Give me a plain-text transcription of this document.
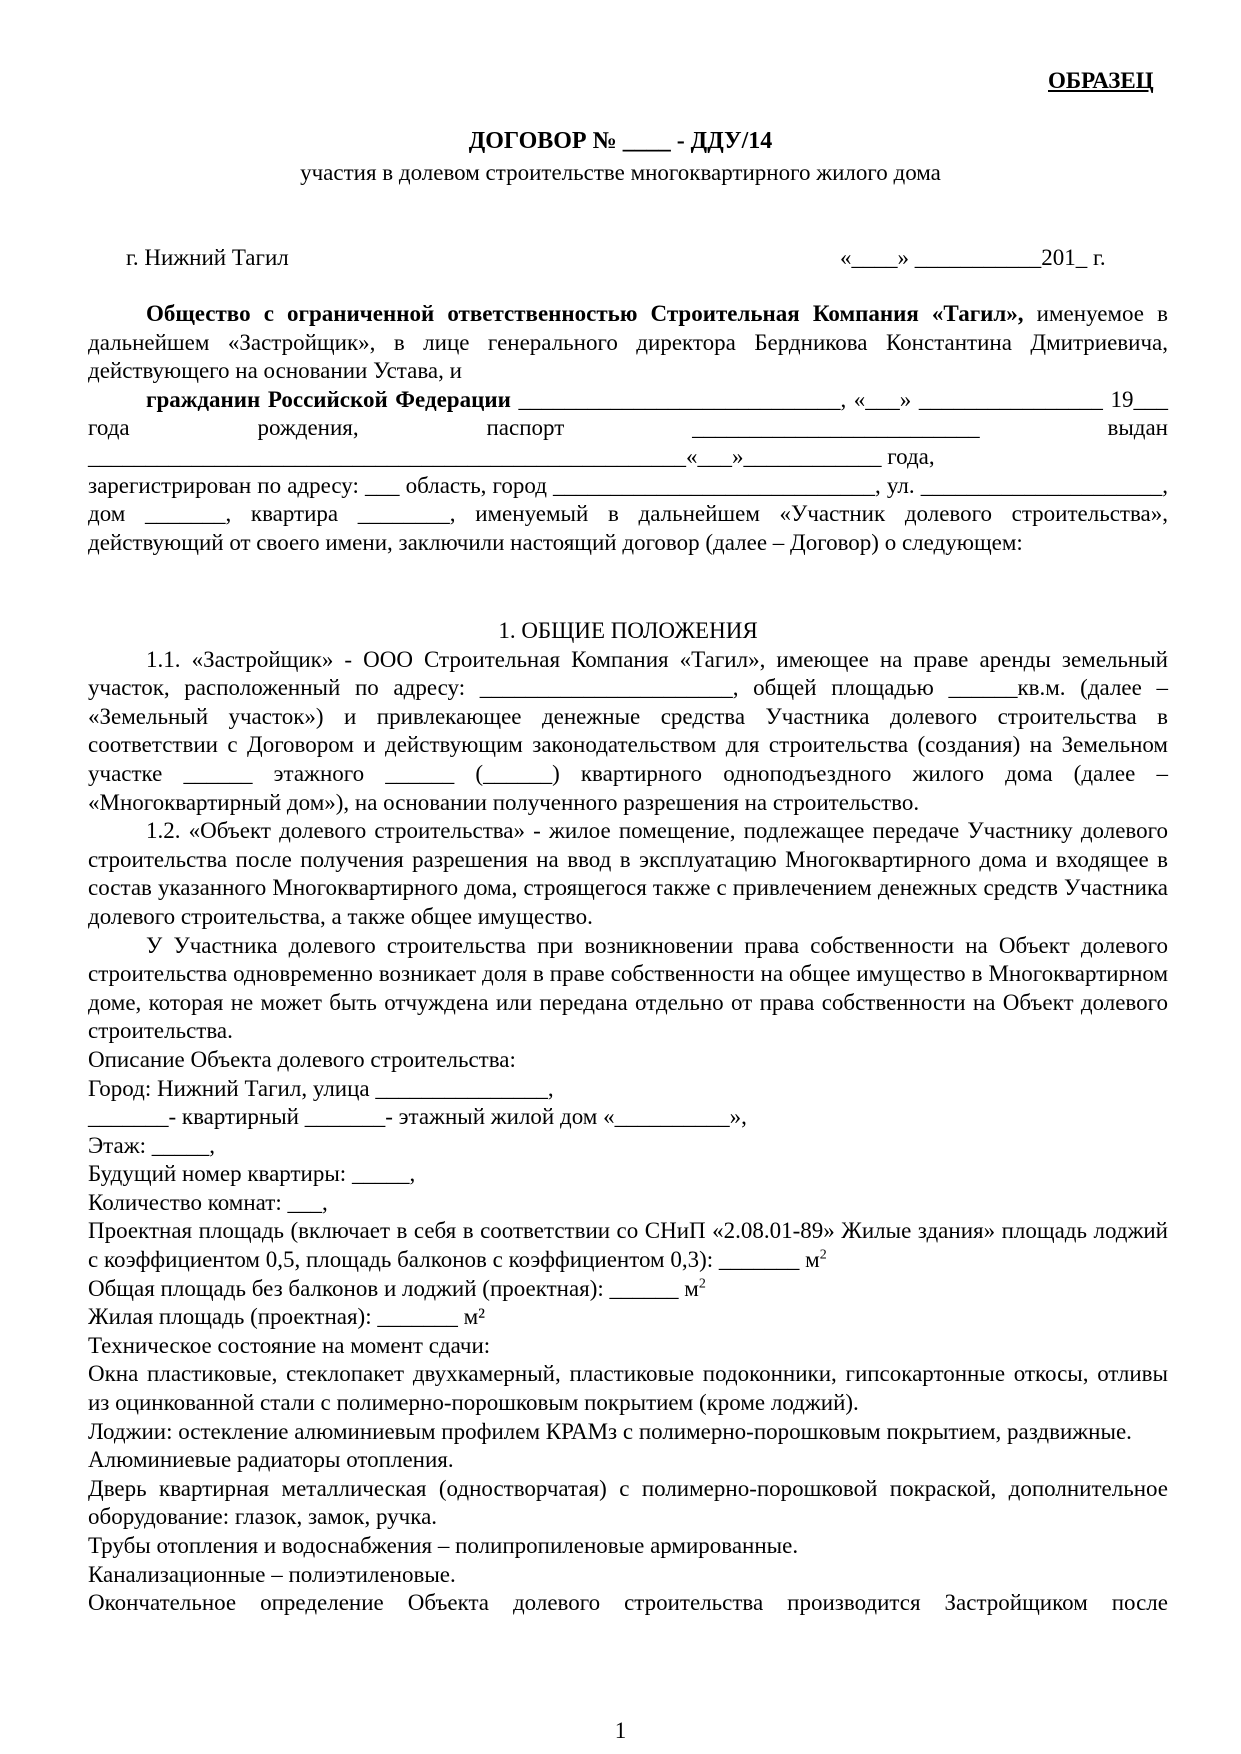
ОБРАЗЕЦ
ДОГОВОР № ____ - ДДУ/14
участия в долевом строительстве многоквартирного жилого дома
г. Нижний Тагил	«____» ___________201_ г.

Общество с ограниченной ответственностью Строительная Компания «Тагил», именуемое в дальнейшем «Застройщик», в лице генерального директора Бердникова Константина Дмитриевича, действующего на основании Устава, и

гражданин Российской Федерации ____________________________, «___» ________________ 19___ года рождения, паспорт _________________________ выдан ____________________________________________________«___»____________ года,

зарегистрирован по адресу: ___ область, город ____________________________, ул. _____________________, дом _______, квартира ________, именуемый в дальнейшем «Участник долевого строительства», действующий от своего имени, заключили настоящий договор (далее – Договор) о следующем:

1. ОБЩИЕ ПОЛОЖЕНИЯ

1.1. «Застройщик» - ООО Строительная Компания «Тагил», имеющее на праве аренды земельный участок, расположенный по адресу: ______________________, общей площадью ______кв.м. (далее – «Земельный участок») и привлекающее денежные средства Участника долевого строительства в соответствии с Договором и действующим законодательством для строительства (создания) на Земельном участке ______ этажного ______ (______) квартирного одноподъездного жилого дома (далее – «Многоквартирный дом»), на основании полученного разрешения на строительство.

1.2. «Объект долевого строительства» - жилое помещение, подлежащее передаче Участнику долевого строительства после получения разрешения на ввод в эксплуатацию Многоквартирного дома и входящее в состав указанного Многоквартирного дома, строящегося также с привлечением денежных средств Участника долевого строительства, а также общее имущество.

У Участника долевого строительства при возникновении права собственности на Объект долевого строительства одновременно возникает доля в праве собственности на общее имущество в Многоквартирном доме, которая не может быть отчуждена или передана отдельно от права собственности на Объект долевого строительства.

Описание Объекта долевого строительства:

Город: Нижний Тагил, улица _______________,

_______- квартирный _______- этажный жилой дом «__________»,

Этаж: _____,

Будущий номер квартиры: _____,

Количество комнат: ___,

Проектная площадь (включает в себя в соответствии со СНиП «2.08.01-89» Жилые здания» площадь лоджий с коэффициентом 0,5, площадь балконов с коэффициентом 0,3): _______ $м^2$

Общая площадь без балконов и лоджий (проектная): ______ $м^2$

Жилая площадь (проектная): _______ м²

Техническое состояние на момент сдачи:

Окна пластиковые, стеклопакет двухкамерный, пластиковые подоконники, гипсокартонные откосы, отливы из оцинкованной стали с полимерно-порошковым покрытием (кроме лоджий).

Лоджии: остекление алюминиевым профилем КРАМз с полимерно-порошковым покрытием, раздвижные.

Алюминиевые радиаторы отопления.

Дверь квартирная металлическая (одностворчатая) с полимерно-порошковой покраской, дополнительное оборудование: глазок, замок, ручка.

Трубы отопления и водоснабжения – полипропиленовые армированные.

Канализационные – полиэтиленовые.

Окончательное определение Объекта долевого строительства производится Застройщиком после

1
